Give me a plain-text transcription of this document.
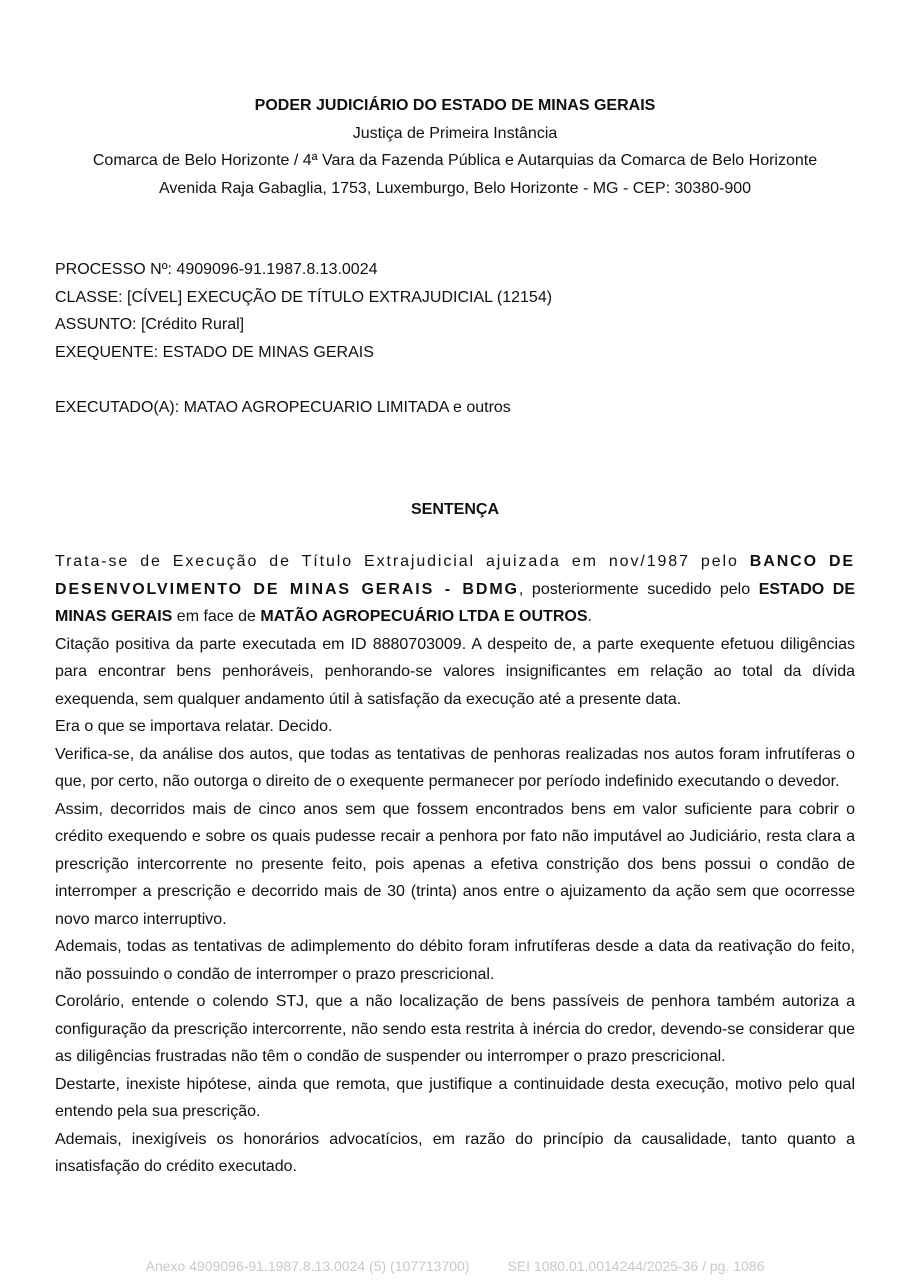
PODER JUDICIÁRIO DO ESTADO DE MINAS GERAIS
Justiça de Primeira Instância
Comarca de Belo Horizonte / 4ª Vara da Fazenda Pública e Autarquias da Comarca de Belo Horizonte
Avenida Raja Gabaglia, 1753, Luxemburgo, Belo Horizonte - MG - CEP: 30380-900
PROCESSO Nº: 4909096-91.1987.8.13.0024
CLASSE: [CÍVEL] EXECUÇÃO DE TÍTULO EXTRAJUDICIAL (12154)
ASSUNTO: [Crédito Rural]
EXEQUENTE: ESTADO DE MINAS GERAIS
EXECUTADO(A): MATAO AGROPECUARIO LIMITADA e outros
SENTENÇA

Trata-se de Execução de Título Extrajudicial ajuizada em nov/1987 pelo BANCO DE DESENVOLVIMENTO DE MINAS GERAIS - BDMG, posteriormente sucedido pelo ESTADO DE MINAS GERAIS em face de MATÃO AGROPECUÁRIO LTDA E OUTROS.

Citação positiva da parte executada em ID 8880703009. A despeito de, a parte exequente efetuou diligências para encontrar bens penhoráveis, penhorando-se valores insignificantes em relação ao total da dívida exequenda, sem qualquer andamento útil à satisfação da execução até a presente data.

Era o que se importava relatar. Decido.

Verifica-se, da análise dos autos, que todas as tentativas de penhoras realizadas nos autos foram infrutíferas o que, por certo, não outorga o direito de o exequente permanecer por período indefinido executando o devedor.

Assim, decorridos mais de cinco anos sem que fossem encontrados bens em valor suficiente para cobrir o crédito exequendo e sobre os quais pudesse recair a penhora por fato não imputável ao Judiciário, resta clara a prescrição intercorrente no presente feito, pois apenas a efetiva constrição dos bens possui o condão de interromper a prescrição e decorrido mais de 30 (trinta) anos entre o ajuizamento da ação sem que ocorresse novo marco interruptivo.

Ademais, todas as tentativas de adimplemento do débito foram infrutíferas desde a data da reativação do feito, não possuindo o condão de interromper o prazo prescricional.

Corolário, entende o colendo STJ, que a não localização de bens passíveis de penhora também autoriza a configuração da prescrição intercorrente, não sendo esta restrita à inércia do credor, devendo-se considerar que as diligências frustradas não têm o condão de suspender ou interromper o prazo prescricional.

Destarte, inexiste hipótese, ainda que remota, que justifique a continuidade desta execução, motivo pelo qual entendo pela sua prescrição.

Ademais, inexigíveis os honorários advocatícios, em razão do princípio da causalidade, tanto quanto a insatisfação do crédito executado.

Anexo 4909096-91.1987.8.13.0024 (5) (107713700)	SEI 1080.01.0014244/2025-36 / pg. 1086
